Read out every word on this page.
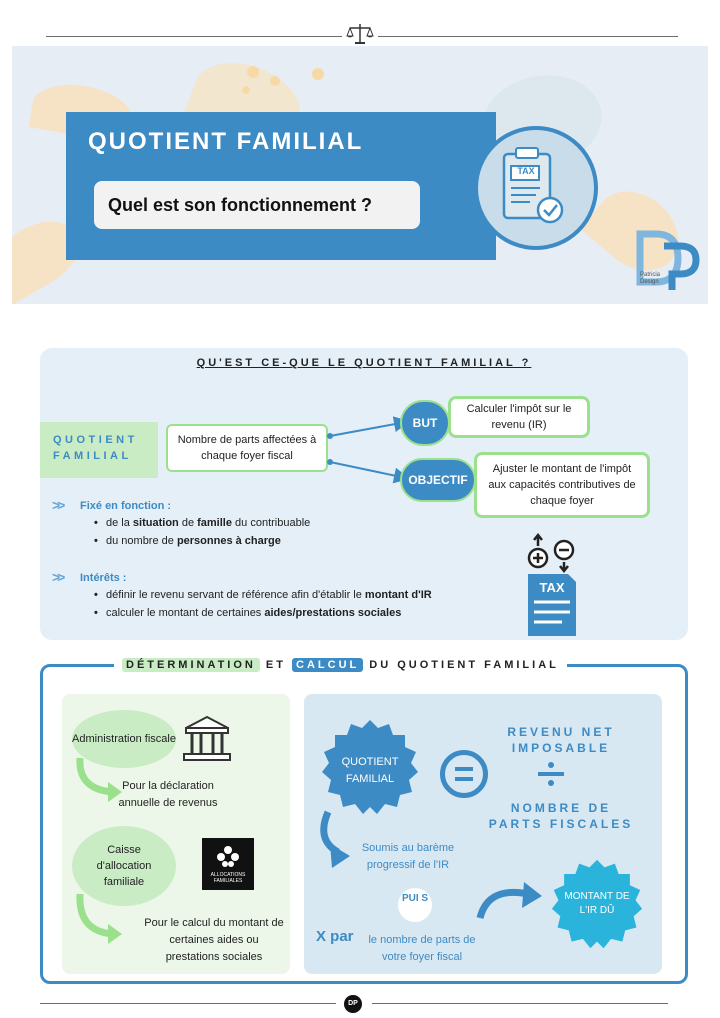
QUOTIENT FAMILIAL
Quel est son fonctionnement ?
TAX
Patricia Design
QU'EST CE-QUE LE QUOTIENT FAMILIAL ?
QUOTIENT
FAMILIAL
Nombre de parts affectées à chaque foyer fiscal
BUT
Calculer l'impôt sur le revenu (IR)
OBJECTIF
Ajuster le montant de l'impôt aux capacités contributives de chaque foyer
>> Fixé en fonction :
• de la situation de famille du contribuable
• du nombre de personnes à charge
>> Intérêts :
• définir le revenu servant de référence afin d'établir le montant d'IR
• calculer le montant de certaines aides/prestations sociales
TAX
DÉTERMINATION ET CALCUL DU QUOTIENT FAMILIAL
Administration fiscale
Pour la déclaration annuelle de revenus
Caisse d'allocation familiale
ALLOCATIONS FAMILIALES
Pour le calcul du montant de certaines aides ou prestations sociales
QUOTIENT FAMILIAL
REVENU NET IMPOSABLE
NOMBRE DE PARTS FISCALES
Soumis au barème progressif de l'IR
PUI S
X par	le nombre de parts de votre foyer fiscal
MONTANT DE L'IR DÛ
DP
